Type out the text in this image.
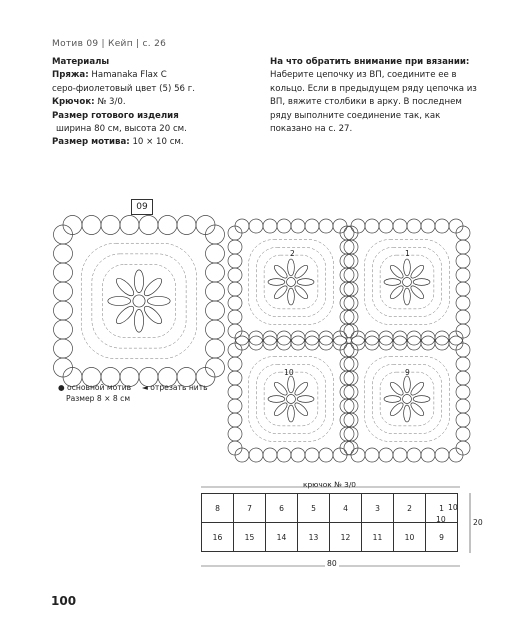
Мотив 09 | Кейп | с. 26
Материалы
Пряжа: Hamanaka Flax C
серо-фиолетовый цвет (5) 56 г.
Крючок: № 3/0.
Размер готового изделия
ширина 80 см, высота 20 см.
Размер мотива: 10 × 10 см.
На что обратить внимание при вязании:
Наберите цепочку из ВП, соедините ее в кольцо. Если в предыдущем ряду цепочка из ВП, вяжите столбики в арку. В последнем ряду выполните соединение так, как показано на с. 27.
09
● основной мотив
Размер 8 × 8 см
◄ отрезать нить
2	1
10	9
крючок № 3/0
8	7	6	5	4	3	2	1
16	15	14	13	12	11	10	9
10
10	20
80
100
